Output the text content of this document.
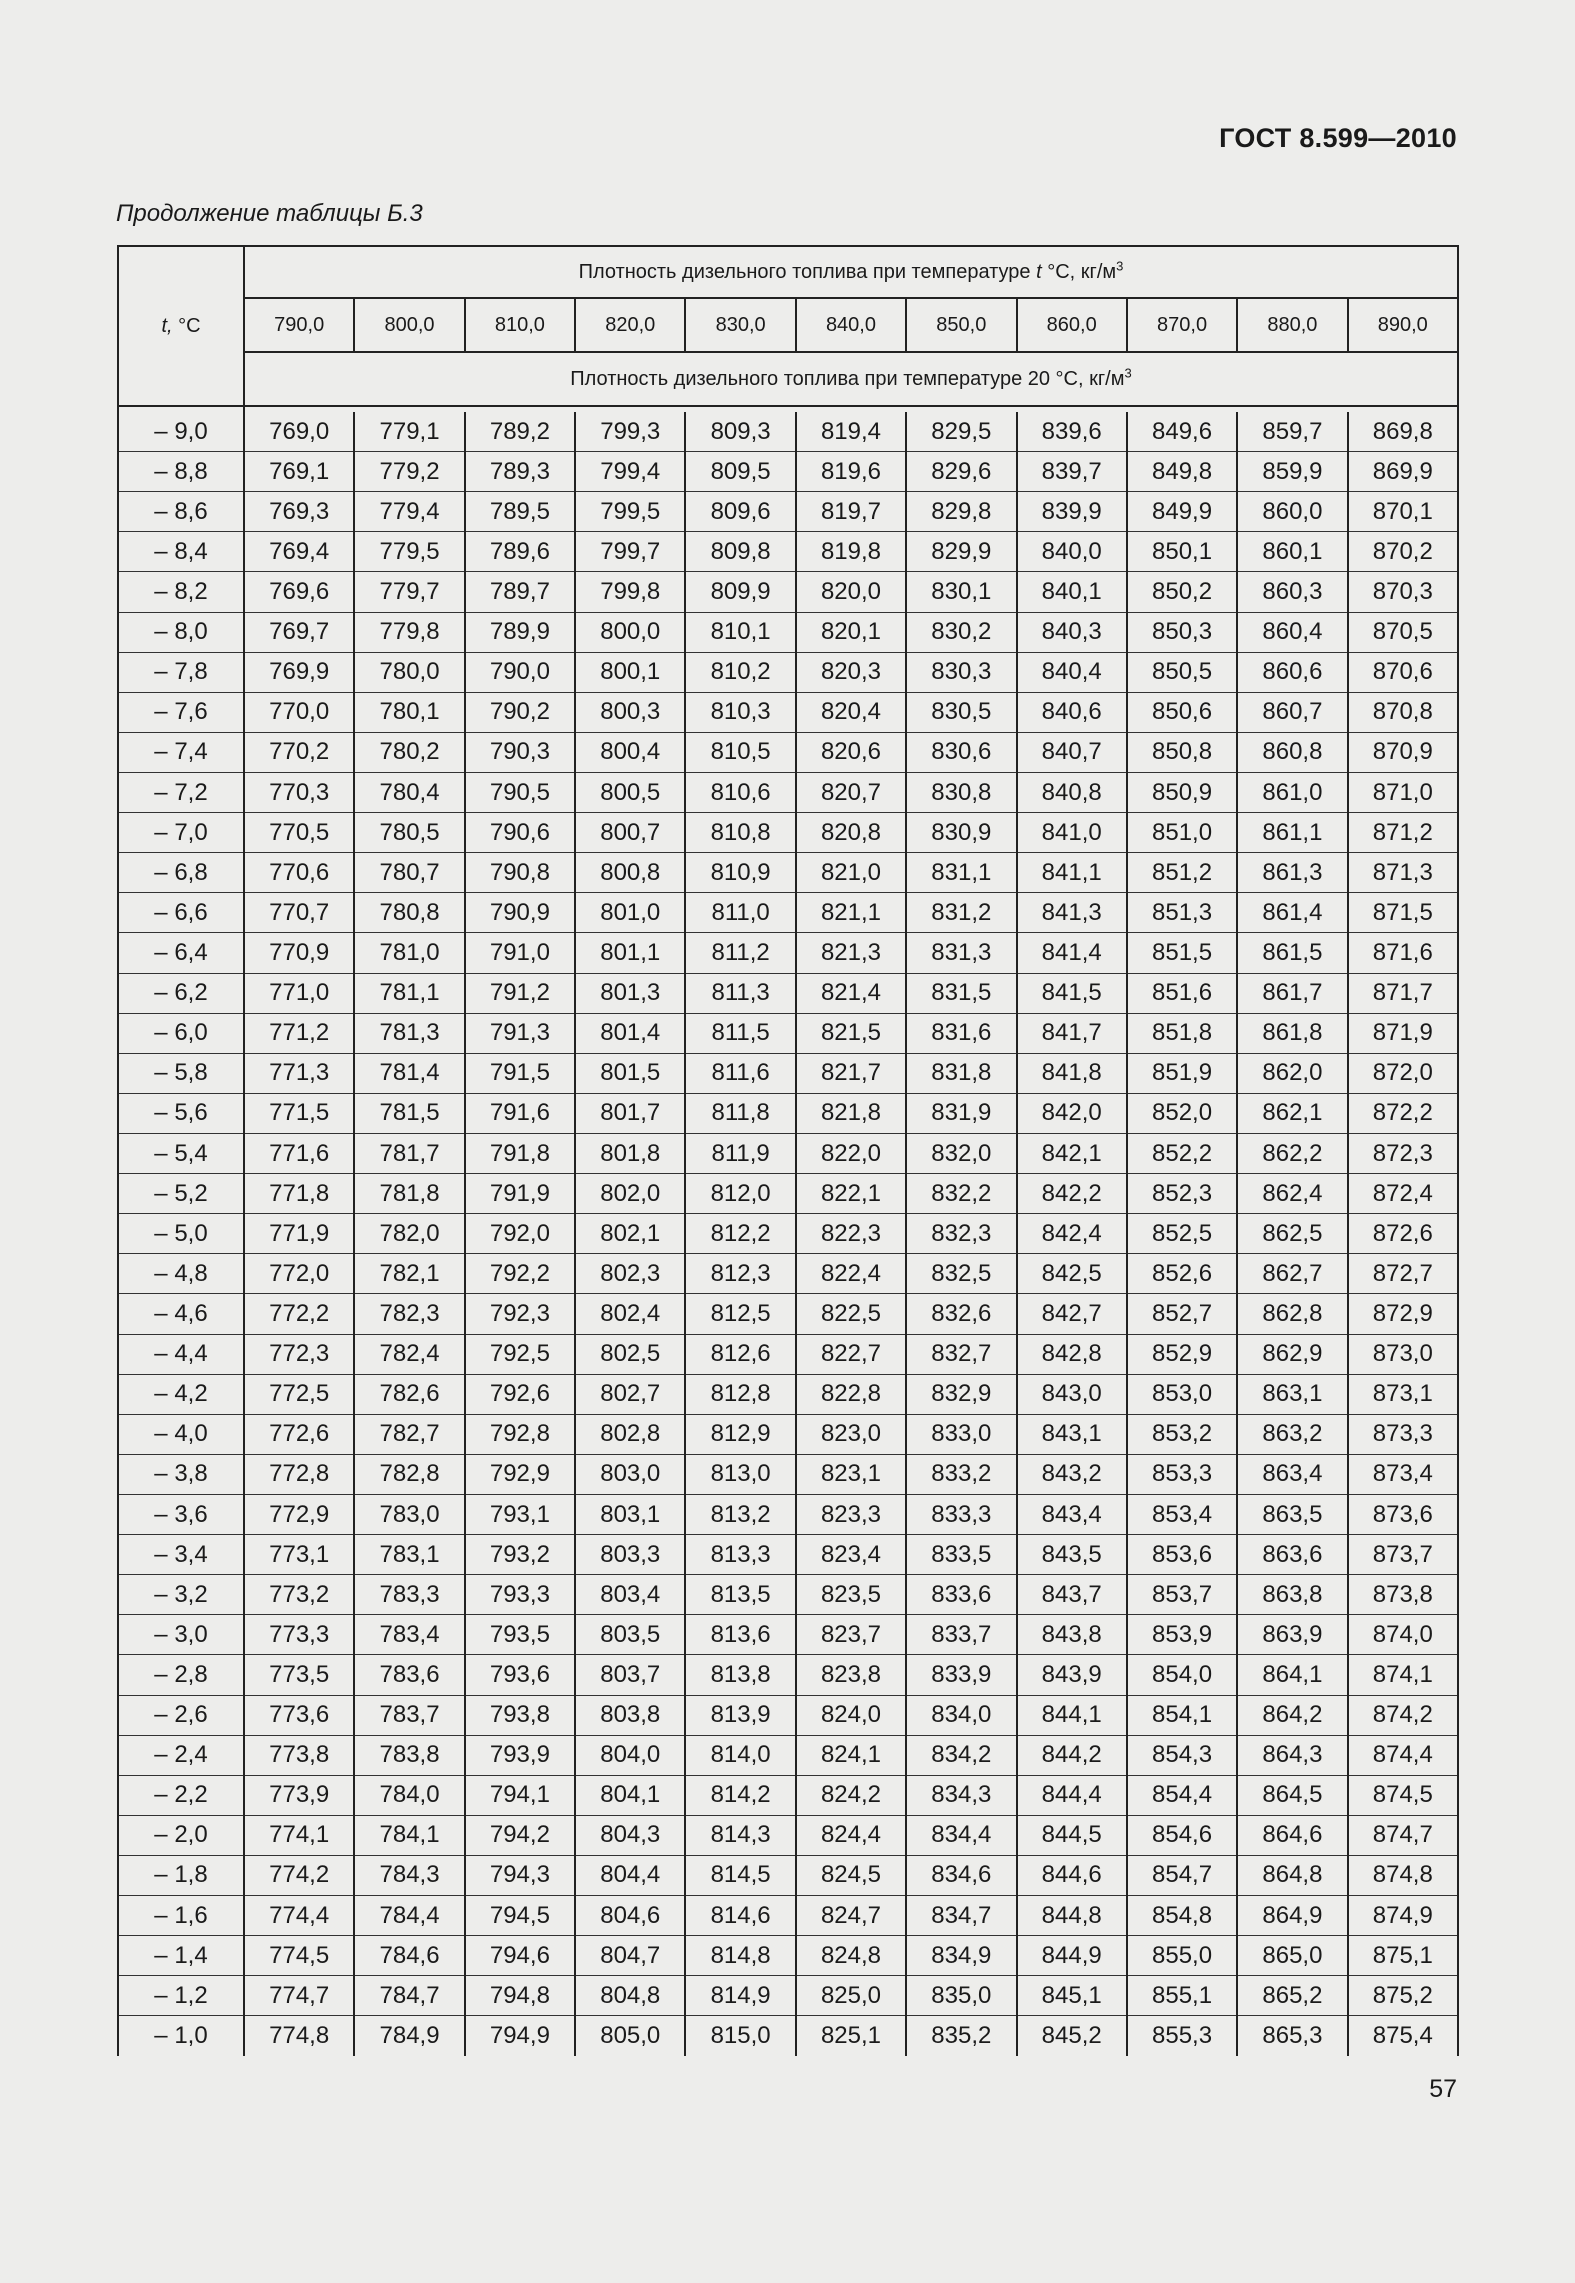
ГОСТ 8.599—2010
Продолжение таблицы Б.3
t, °C	Плотность дизельного топлива при температуре t °C, $кг/м^3$
	790,0	800,0	810,0	820,0	830,0	840,0	850,0	860,0	870,0	880,0	890,0
	Плотность дизельного топлива при температуре 20 °С, $кг/м^3$

– 9,0	769,0	779,1	789,2	799,3	809,3	819,4	829,5	839,6	849,6	859,7	869,8
– 8,8	769,1	779,2	789,3	799,4	809,5	819,6	829,6	839,7	849,8	859,9	869,9
– 8,6	769,3	779,4	789,5	799,5	809,6	819,7	829,8	839,9	849,9	860,0	870,1
– 8,4	769,4	779,5	789,6	799,7	809,8	819,8	829,9	840,0	850,1	860,1	870,2
– 8,2	769,6	779,7	789,7	799,8	809,9	820,0	830,1	840,1	850,2	860,3	870,3
– 8,0	769,7	779,8	789,9	800,0	810,1	820,1	830,2	840,3	850,3	860,4	870,5
– 7,8	769,9	780,0	790,0	800,1	810,2	820,3	830,3	840,4	850,5	860,6	870,6
– 7,6	770,0	780,1	790,2	800,3	810,3	820,4	830,5	840,6	850,6	860,7	870,8
– 7,4	770,2	780,2	790,3	800,4	810,5	820,6	830,6	840,7	850,8	860,8	870,9
– 7,2	770,3	780,4	790,5	800,5	810,6	820,7	830,8	840,8	850,9	861,0	871,0
– 7,0	770,5	780,5	790,6	800,7	810,8	820,8	830,9	841,0	851,0	861,1	871,2
– 6,8	770,6	780,7	790,8	800,8	810,9	821,0	831,1	841,1	851,2	861,3	871,3
– 6,6	770,7	780,8	790,9	801,0	811,0	821,1	831,2	841,3	851,3	861,4	871,5
– 6,4	770,9	781,0	791,0	801,1	811,2	821,3	831,3	841,4	851,5	861,5	871,6
– 6,2	771,0	781,1	791,2	801,3	811,3	821,4	831,5	841,5	851,6	861,7	871,7
– 6,0	771,2	781,3	791,3	801,4	811,5	821,5	831,6	841,7	851,8	861,8	871,9
– 5,8	771,3	781,4	791,5	801,5	811,6	821,7	831,8	841,8	851,9	862,0	872,0
– 5,6	771,5	781,5	791,6	801,7	811,8	821,8	831,9	842,0	852,0	862,1	872,2
– 5,4	771,6	781,7	791,8	801,8	811,9	822,0	832,0	842,1	852,2	862,2	872,3
– 5,2	771,8	781,8	791,9	802,0	812,0	822,1	832,2	842,2	852,3	862,4	872,4
– 5,0	771,9	782,0	792,0	802,1	812,2	822,3	832,3	842,4	852,5	862,5	872,6
– 4,8	772,0	782,1	792,2	802,3	812,3	822,4	832,5	842,5	852,6	862,7	872,7
– 4,6	772,2	782,3	792,3	802,4	812,5	822,5	832,6	842,7	852,7	862,8	872,9
– 4,4	772,3	782,4	792,5	802,5	812,6	822,7	832,7	842,8	852,9	862,9	873,0
– 4,2	772,5	782,6	792,6	802,7	812,8	822,8	832,9	843,0	853,0	863,1	873,1
– 4,0	772,6	782,7	792,8	802,8	812,9	823,0	833,0	843,1	853,2	863,2	873,3
– 3,8	772,8	782,8	792,9	803,0	813,0	823,1	833,2	843,2	853,3	863,4	873,4
– 3,6	772,9	783,0	793,1	803,1	813,2	823,3	833,3	843,4	853,4	863,5	873,6
– 3,4	773,1	783,1	793,2	803,3	813,3	823,4	833,5	843,5	853,6	863,6	873,7
– 3,2	773,2	783,3	793,3	803,4	813,5	823,5	833,6	843,7	853,7	863,8	873,8
– 3,0	773,3	783,4	793,5	803,5	813,6	823,7	833,7	843,8	853,9	863,9	874,0
– 2,8	773,5	783,6	793,6	803,7	813,8	823,8	833,9	843,9	854,0	864,1	874,1
– 2,6	773,6	783,7	793,8	803,8	813,9	824,0	834,0	844,1	854,1	864,2	874,2
– 2,4	773,8	783,8	793,9	804,0	814,0	824,1	834,2	844,2	854,3	864,3	874,4
– 2,2	773,9	784,0	794,1	804,1	814,2	824,2	834,3	844,4	854,4	864,5	874,5
– 2,0	774,1	784,1	794,2	804,3	814,3	824,4	834,4	844,5	854,6	864,6	874,7
– 1,8	774,2	784,3	794,3	804,4	814,5	824,5	834,6	844,6	854,7	864,8	874,8
– 1,6	774,4	784,4	794,5	804,6	814,6	824,7	834,7	844,8	854,8	864,9	874,9
– 1,4	774,5	784,6	794,6	804,7	814,8	824,8	834,9	844,9	855,0	865,0	875,1
– 1,2	774,7	784,7	794,8	804,8	814,9	825,0	835,0	845,1	855,1	865,2	875,2
– 1,0	774,8	784,9	794,9	805,0	815,0	825,1	835,2	845,2	855,3	865,3	875,4
57
